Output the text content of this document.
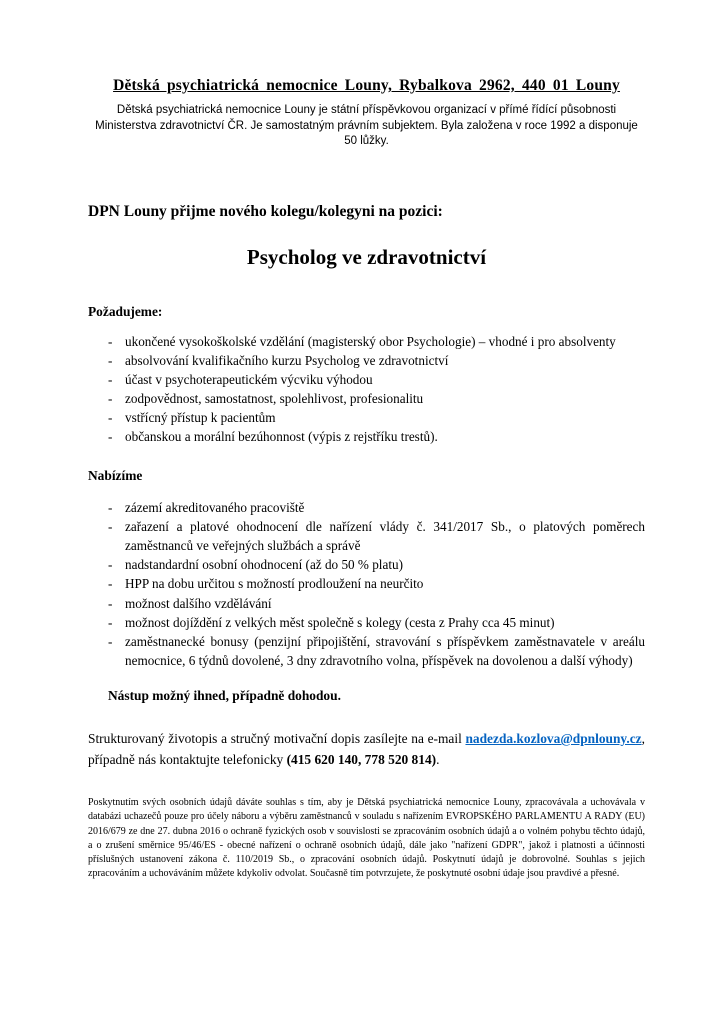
Dětská psychiatrická nemocnice Louny, Rybalkova 2962, 440 01 Louny

Dětská psychiatrická nemocnice Louny je státní příspěvkovou organizací v přímé řídící působnosti Ministerstva zdravotnictví ČR. Je samostatným právním subjektem. Byla založena v roce 1992 a disponuje 50 lůžky.

DPN Louny přijme nového kolegu/kolegyni na pozici:

Psycholog ve zdravotnictví
Požadujeme:
- ukončené vysokoškolské vzdělání (magisterský obor Psychologie) – vhodné i pro absolventy
- absolvování kvalifikačního kurzu Psycholog ve zdravotnictví
- účast v psychoterapeutickém výcviku výhodou
- zodpovědnost, samostatnost, spolehlivost, profesionalitu
- vstřícný přístup k pacientům
- občanskou a morální bezúhonnost (výpis z rejstříku trestů).
Nabízíme
- zázemí akreditovaného pracoviště
- zařazení a platové ohodnocení dle nařízení vlády č. 341/2017 Sb., o platových poměrech zaměstnanců ve veřejných službách a správě
- nadstandardní osobní ohodnocení (až do 50 % platu)
- HPP na dobu určitou s možností prodloužení na neurčito
- možnost dalšího vzdělávání
- možnost dojíždění z velkých měst společně s kolegy (cesta z Prahy cca 45 minut)
- zaměstnanecké bonusy (penzijní připojištění, stravování s příspěvkem zaměstnavatele v areálu nemocnice, 6 týdnů dovolené, 3 dny zdravotního volna, příspěvek na dovolenou a další výhody)

Nástup možný ihned, případně dohodou.

Strukturovaný životopis a stručný motivační dopis zasílejte na e-mail nadezda.kozlova@dpnlouny.cz, případně nás kontaktujte telefonicky (415 620 140, 778 520 814).

Poskytnutím svých osobních údajů dáváte souhlas s tím, aby je Dětská psychiatrická nemocnice Louny, zpracovávala a uchovávala v databázi uchazečů pouze pro účely náboru a výběru zaměstnanců v souladu s nařízením EVROPSKÉHO PARLAMENTU A RADY (EU) 2016/679 ze dne 27. dubna 2016 o ochraně fyzických osob v souvislosti se zpracováním osobních údajů a o volném pohybu těchto údajů, a o zrušení směrnice 95/46/ES - obecné nařízení o ochraně osobních údajů, dále jako "nařízení GDPR", jakož i platnosti a účinnosti příslušných ustanovení zákona č. 110/2019 Sb., o zpracování osobních údajů. Poskytnutí údajů je dobrovolné. Souhlas s jejich zpracováním a uchováváním můžete kdykoliv odvolat. Současně tím potvrzujete, že poskytnuté osobní údaje jsou pravdivé a přesné.
